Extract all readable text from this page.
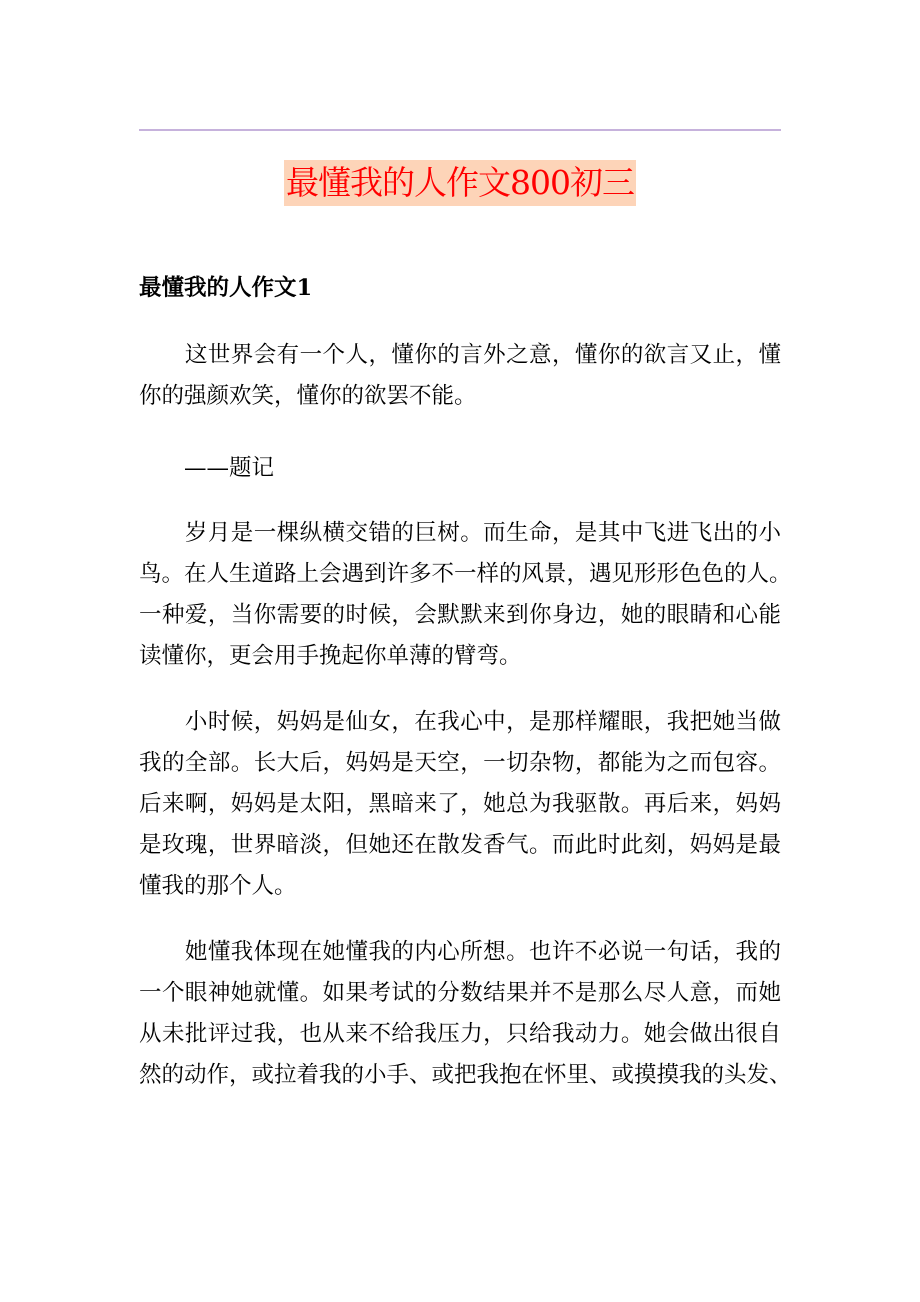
最懂我的人作文800初三
最懂我的人作文1
　　这世界会有一个人，懂你的言外之意，懂你的欲言又止，懂
你的强颜欢笑，懂你的欲罢不能。
　　——题记
　　岁月是一棵纵横交错的巨树。而生命，是其中飞进飞出的小
鸟。在人生道路上会遇到许多不一样的风景，遇见形形色色的人。
一种爱，当你需要的时候，会默默来到你身边，她的眼睛和心能
读懂你，更会用手挽起你单薄的臂弯。
　　小时候，妈妈是仙女，在我心中，是那样耀眼，我把她当做
我的全部。长大后，妈妈是天空，一切杂物，都能为之而包容。
后来啊，妈妈是太阳，黑暗来了，她总为我驱散。再后来，妈妈
是玫瑰，世界暗淡，但她还在散发香气。而此时此刻，妈妈是最
懂我的那个人。
　　她懂我体现在她懂我的内心所想。也许不必说一句话，我的
一个眼神她就懂。如果考试的分数结果并不是那么尽人意，而她
从未批评过我，也从来不给我压力，只给我动力。她会做出很自
然的动作，或拉着我的小手、或把我抱在怀里、或摸摸我的头发、
